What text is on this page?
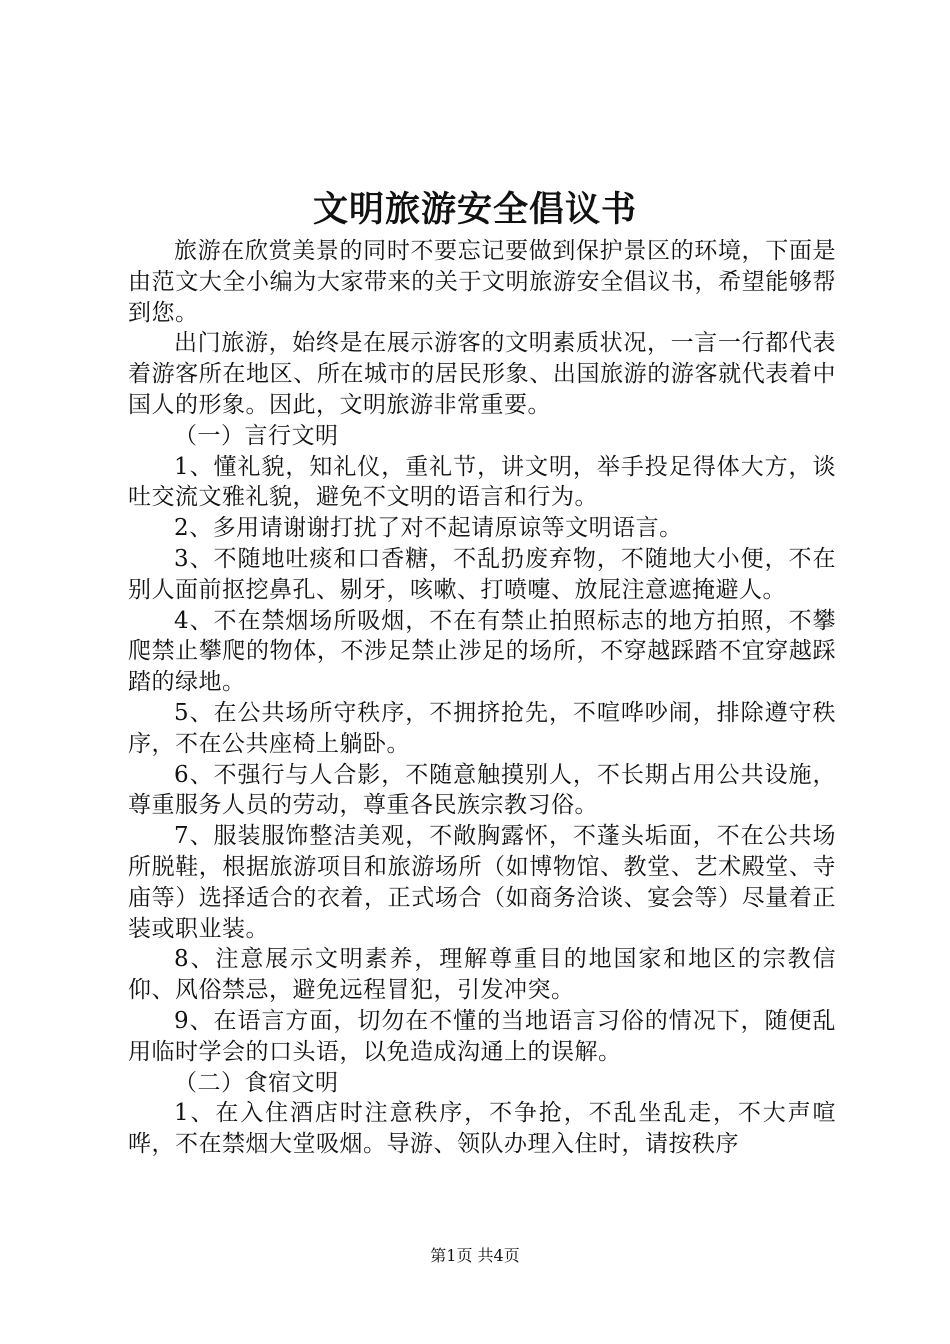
文明旅游安全倡议书

旅游在欣赏美景的同时不要忘记要做到保护景区的环境，下面是由范文大全小编为大家带来的关于文明旅游安全倡议书，希望能够帮到您。

出门旅游，始终是在展示游客的文明素质状况，一言一行都代表着游客所在地区、所在城市的居民形象、出国旅游的游客就代表着中国人的形象。因此，文明旅游非常重要。

（一）言行文明

1、懂礼貌，知礼仪，重礼节，讲文明，举手投足得体大方，谈吐交流文雅礼貌，避免不文明的语言和行为。

2、多用请谢谢打扰了对不起请原谅等文明语言。

3、不随地吐痰和口香糖，不乱扔废弃物，不随地大小便，不在别人面前抠挖鼻孔、剔牙，咳嗽、打喷嚏、放屁注意遮掩避人。

4、不在禁烟场所吸烟，不在有禁止拍照标志的地方拍照，不攀爬禁止攀爬的物体，不涉足禁止涉足的场所，不穿越踩踏不宜穿越踩踏的绿地。

5、在公共场所守秩序，不拥挤抢先，不喧哗吵闹，排除遵守秩序，不在公共座椅上躺卧。

6、不强行与人合影，不随意触摸别人，不长期占用公共设施，尊重服务人员的劳动，尊重各民族宗教习俗。

7、服装服饰整洁美观，不敞胸露怀，不蓬头垢面，不在公共场所脱鞋，根据旅游项目和旅游场所（如博物馆、教堂、艺术殿堂、寺庙等）选择适合的衣着，正式场合（如商务洽谈、宴会等）尽量着正装或职业装。

8、注意展示文明素养，理解尊重目的地国家和地区的宗教信仰、风俗禁忌，避免远程冒犯，引发冲突。

9、在语言方面，切勿在不懂的当地语言习俗的情况下，随便乱用临时学会的口头语，以免造成沟通上的误解。

（二）食宿文明

1、在入住酒店时注意秩序，不争抢，不乱坐乱走，不大声喧哗，不在禁烟大堂吸烟。导游、领队办理入住时，请按秩序

第1页 共4页
